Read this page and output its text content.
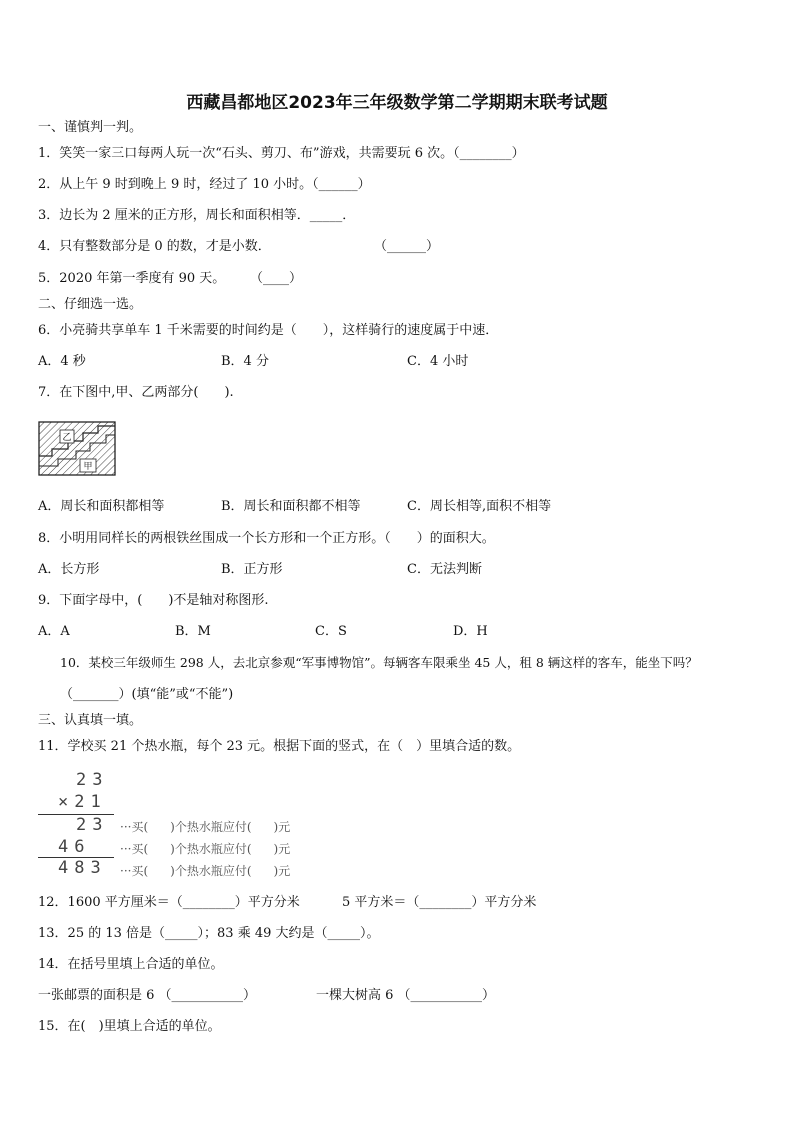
西藏昌都地区2023年三年级数学第二学期期末联考试题
一、谨慎判一判。
1．笑笑一家三口每两人玩一次“石头、剪刀、布”游戏，共需要玩 6 次。（________）
2．从上午 9 时到晚上 9 时，经过了 10 小时。（______）
3．边长为 2 厘米的正方形，周长和面积相等．_____．
4．只有整数部分是 0 的数，才是小数．	（______）
5．2020 年第一季度有 90 天。 （____）
二、仔细选一选。
6．小亮骑共享单车 1 千米需要的时间约是（　　），这样骑行的速度属于中速．
A．4 秒	B．4 分	C．4 小时
7．在下图中,甲、乙两部分(　　).
乙
甲
A．周长和面积都相等	B．周长和面积都不相等	C．周长相等,面积不相等
8．小明用同样长的两根铁丝围成一个长方形和一个正方形。（　　）的面积大。
A．长方形	B．正方形	C．无法判断
9．下面字母中，(　　)不是轴对称图形.
A．A	B．M	C．S	D．H
10．某校三年级师生 298 人，去北京参观“军事博物馆”。每辆客车限乘坐 45 人，租 8 辆这样的客车，能坐下吗？
（_______）(填“能”或“不能”)
三、认真填一填。
11．学校买 21 个热水瓶，每个 23 元。根据下面的竖式，在（　）里填合适的数。
23
×21
23
46
483
···买( )个热水瓶应付( )元
···买( )个热水瓶应付( )元
···买( )个热水瓶应付( )元
12．1600 平方厘米＝（________）平方分米	5 平方米＝（________）平方分米
13．25 的 13 倍是（_____）；83 乘 49 大约是（_____）。
14．在括号里填上合适的单位。
一张邮票的面积是 6 （___________）	一棵大树高 6 （___________）
15．在(　)里填上合适的单位。
